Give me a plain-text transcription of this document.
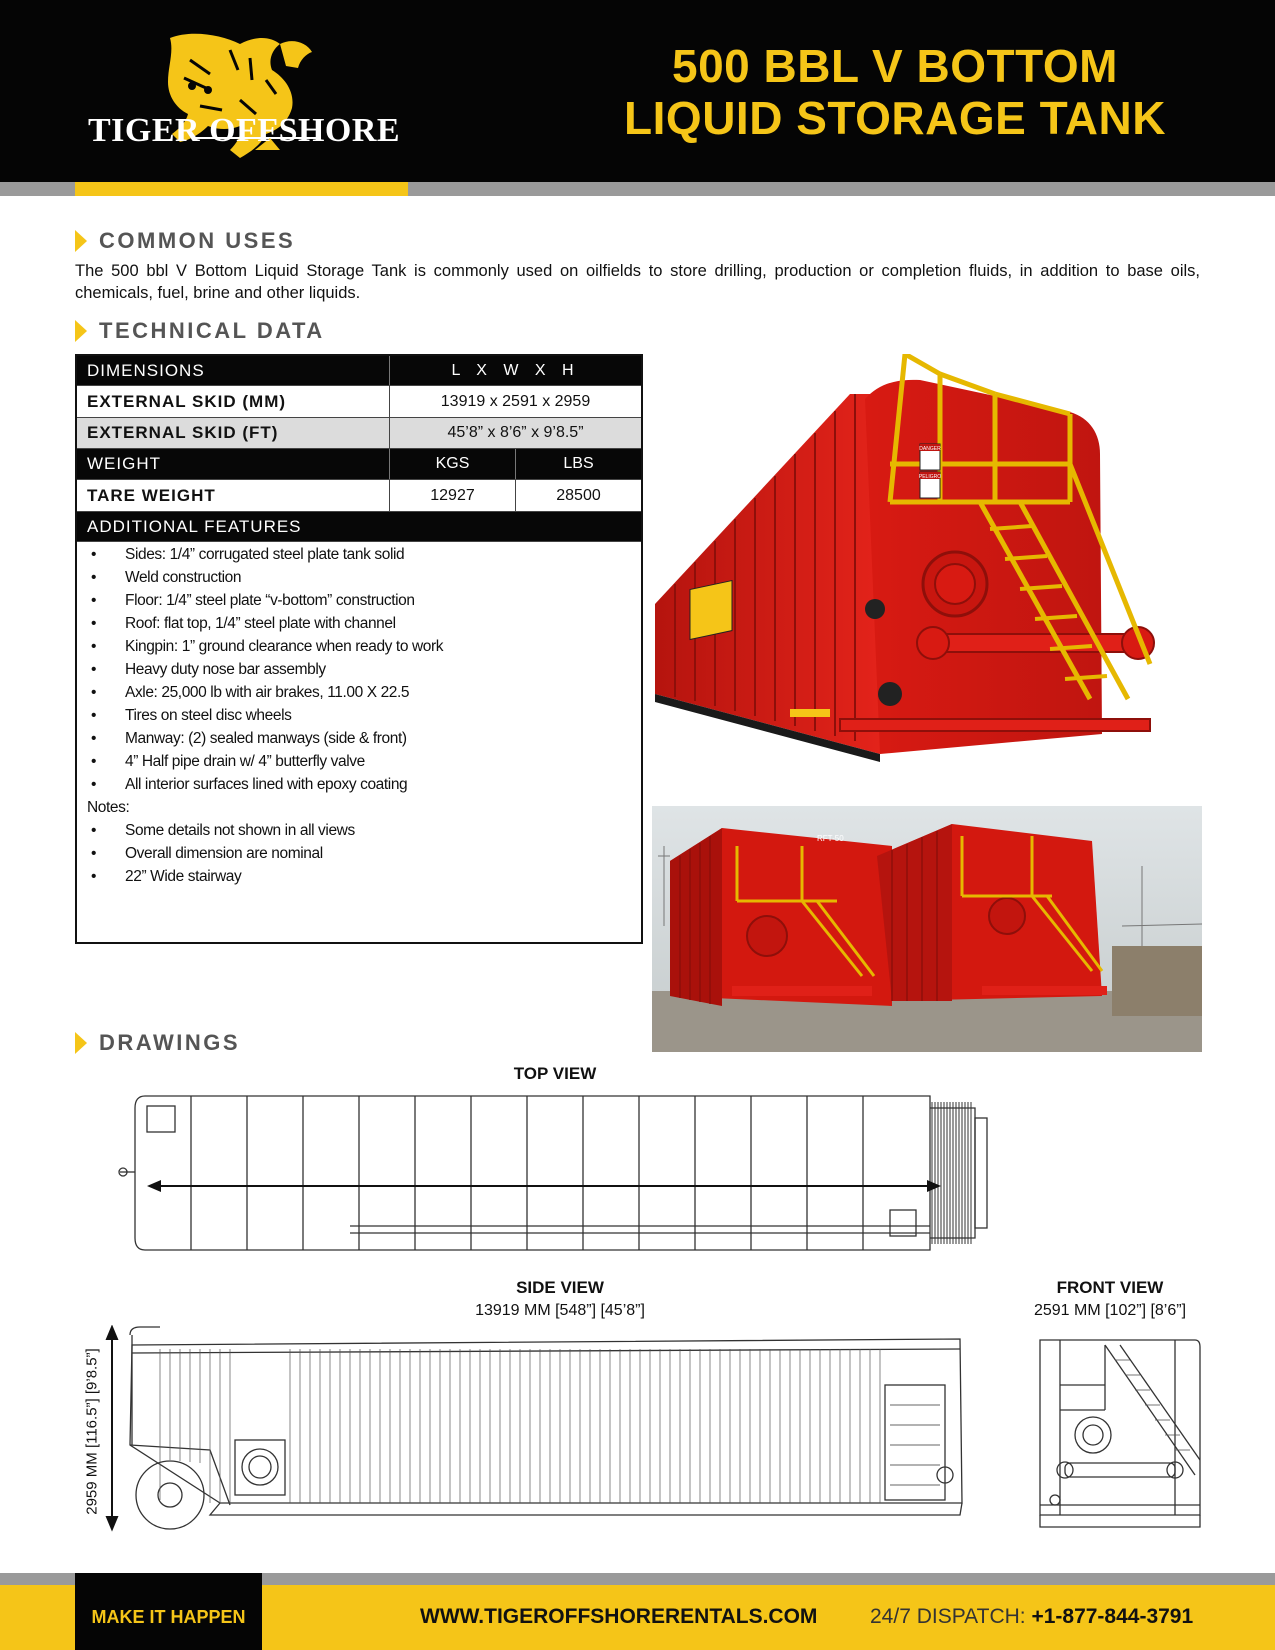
TIGER OFFSHORE
500 BBL V BOTTOM
LIQUID STORAGE TANK
COMMON USES
The 500 bbl V Bottom Liquid Storage Tank is commonly used on oilfields to store drilling, production or completion fluids, in addition to base oils, chemicals, fuel, brine and other liquids.
TECHNICAL DATA
DIMENSIONS	L X W X H
EXTERNAL SKID (MM)	13919 x 2591 x 2959
EXTERNAL SKID (FT)	45’8” x 8’6” x 9’8.5”
WEIGHT	KGS	LBS
TARE WEIGHT	12927	28500
ADDITIONAL FEATURES
•	Sides: 1/4” corrugated steel plate tank solid
•	Weld construction
•	Floor: 1/4” steel plate “v-bottom” construction
•	Roof: flat top, 1/4” steel plate with channel
•	Kingpin: 1” ground clearance when ready to work
•	Heavy duty nose bar assembly
•	Axle: 25,000 lb with air brakes, 11.00 X 22.5
•	Tires on steel disc wheels
•	Manway: (2) sealed manways (side & front)
•	4” Half pipe drain w/ 4” butterfly valve
•	All interior surfaces lined with epoxy coating
Notes:
•	Some details not shown in all views
•	Overall dimension are nominal
•	22” Wide stairway
DANGER
PELIGRO
RFT-50
DRAWINGS
TOP VIEW
SIDE VIEW
13919 MM [548”] [45’8”]
FRONT VIEW
2591 MM [102”] [8’6”]
2959 MM [116.5”] [9’8.5”]
MAKE IT HAPPEN	WWW.TIGEROFFSHORERENTALS.COM	24/7 DISPATCH: +1-877-844-3791
